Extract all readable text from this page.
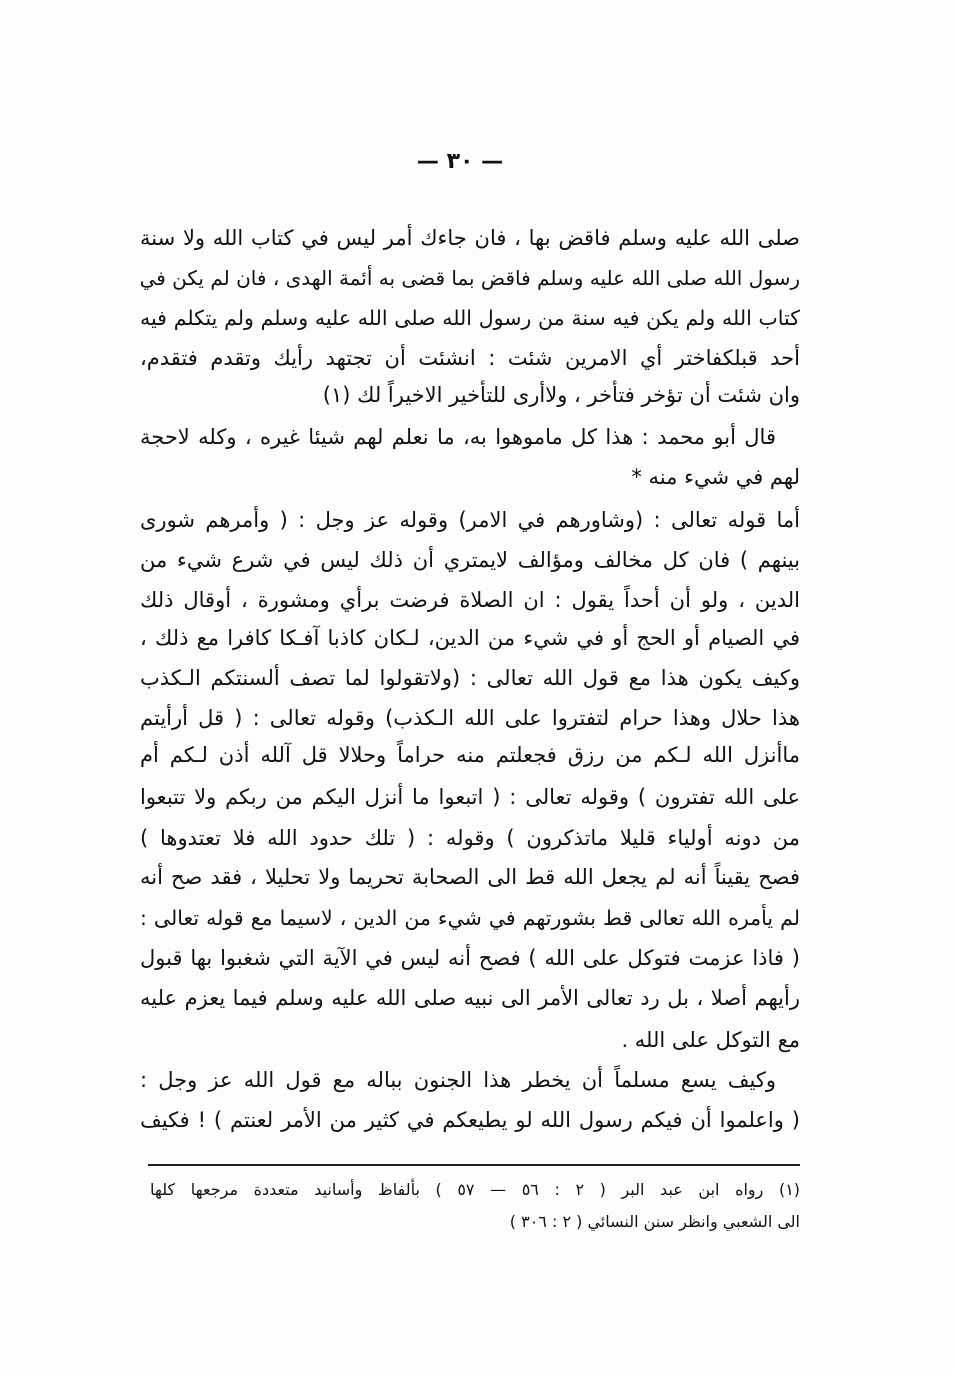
— ٣٠ —
صلى الله عليه وسلم فاقض بها ، فان جاءك أمر ليس في كتاب الله ولا سنة
رسول الله صلى الله عليه وسلم فاقض بما قضى به أئمة الهدى ، فان لم يكن في
كتاب الله ولم يكن فيه سنة من رسول الله صلى الله عليه وسلم ولم يتكلم فيه
أحد قبلكفاختر أي الامرين شئت : انشئت أن تجتهد رأيك وتقدم فتقدم،
وان شئت أن تؤخر فتأخر ، ولاأرى للتأخير الاخيراً لك (١)
قال أبو محمد : هذا كل ماموهوا به، ما نعلم لهم شيئا غيره ، وكله لاحجة
لهم في شيء منه *
أما قوله تعالى : (وشاورهم في الامر) وقوله عز وجل : ( وأمرهم شورى
بينهم ) فان كل مخالف ومؤالف لايمتري أن ذلك ليس في شرع شيء من
الدين ، ولو أن أحداً يقول : ان الصلاة فرضت برأي ومشورة ، أوقال ذلك
في الصيام أو الحج أو في شيء من الدين، لـكان كاذبا آفـكا كافرا مع ذلك ،
وكيف يكون هذا مع قول الله تعالى : (ولاتقولوا لما تصف ألسنتكم الـكذب
هذا حلال وهذا حرام لتفتروا على الله الـكذب) وقوله تعالى : ( قل أرأيتم
ماأنزل الله لـكم من رزق فجعلتم منه حراماً وحلالا قل آلله أذن لـكم أم
على الله تفترون ) وقوله تعالى : ( اتبعوا ما أنزل اليكم من ربكم ولا تتبعوا
من دونه أولياء قليلا ماتذكرون ) وقوله : ( تلك حدود الله فلا تعتدوها )
فصح يقيناً أنه لم يجعل الله قط الى الصحابة تحريما ولا تحليلا ، فقد صح أنه
لم يأمره الله تعالى قط بشورتهم في شيء من الدين ، لاسيما مع قوله تعالى :
( فاذا عزمت فتوكل على الله ) فصح أنه ليس في الآية التي شغبوا بها قبول
رأيهم أصلا ، بل رد تعالى الأمر الى نبيه صلى الله عليه وسلم فيما يعزم عليه
مع التوكل على الله .
وكيف يسع مسلماً أن يخطر هذا الجنون بباله مع قول الله عز وجل :
( واعلموا أن فيكم رسول الله لو يطيعكم في كثير من الأمر لعنتم ) ! فكيف
(١) رواه ابن عبد البر ( ٢ : ٥٦ — ٥٧ ) بألفاظ وأسانيد متعددة مرجعها كلها
الى الشعبي وانظر سنن النسائي ( ٢ : ٣٠٦ )
